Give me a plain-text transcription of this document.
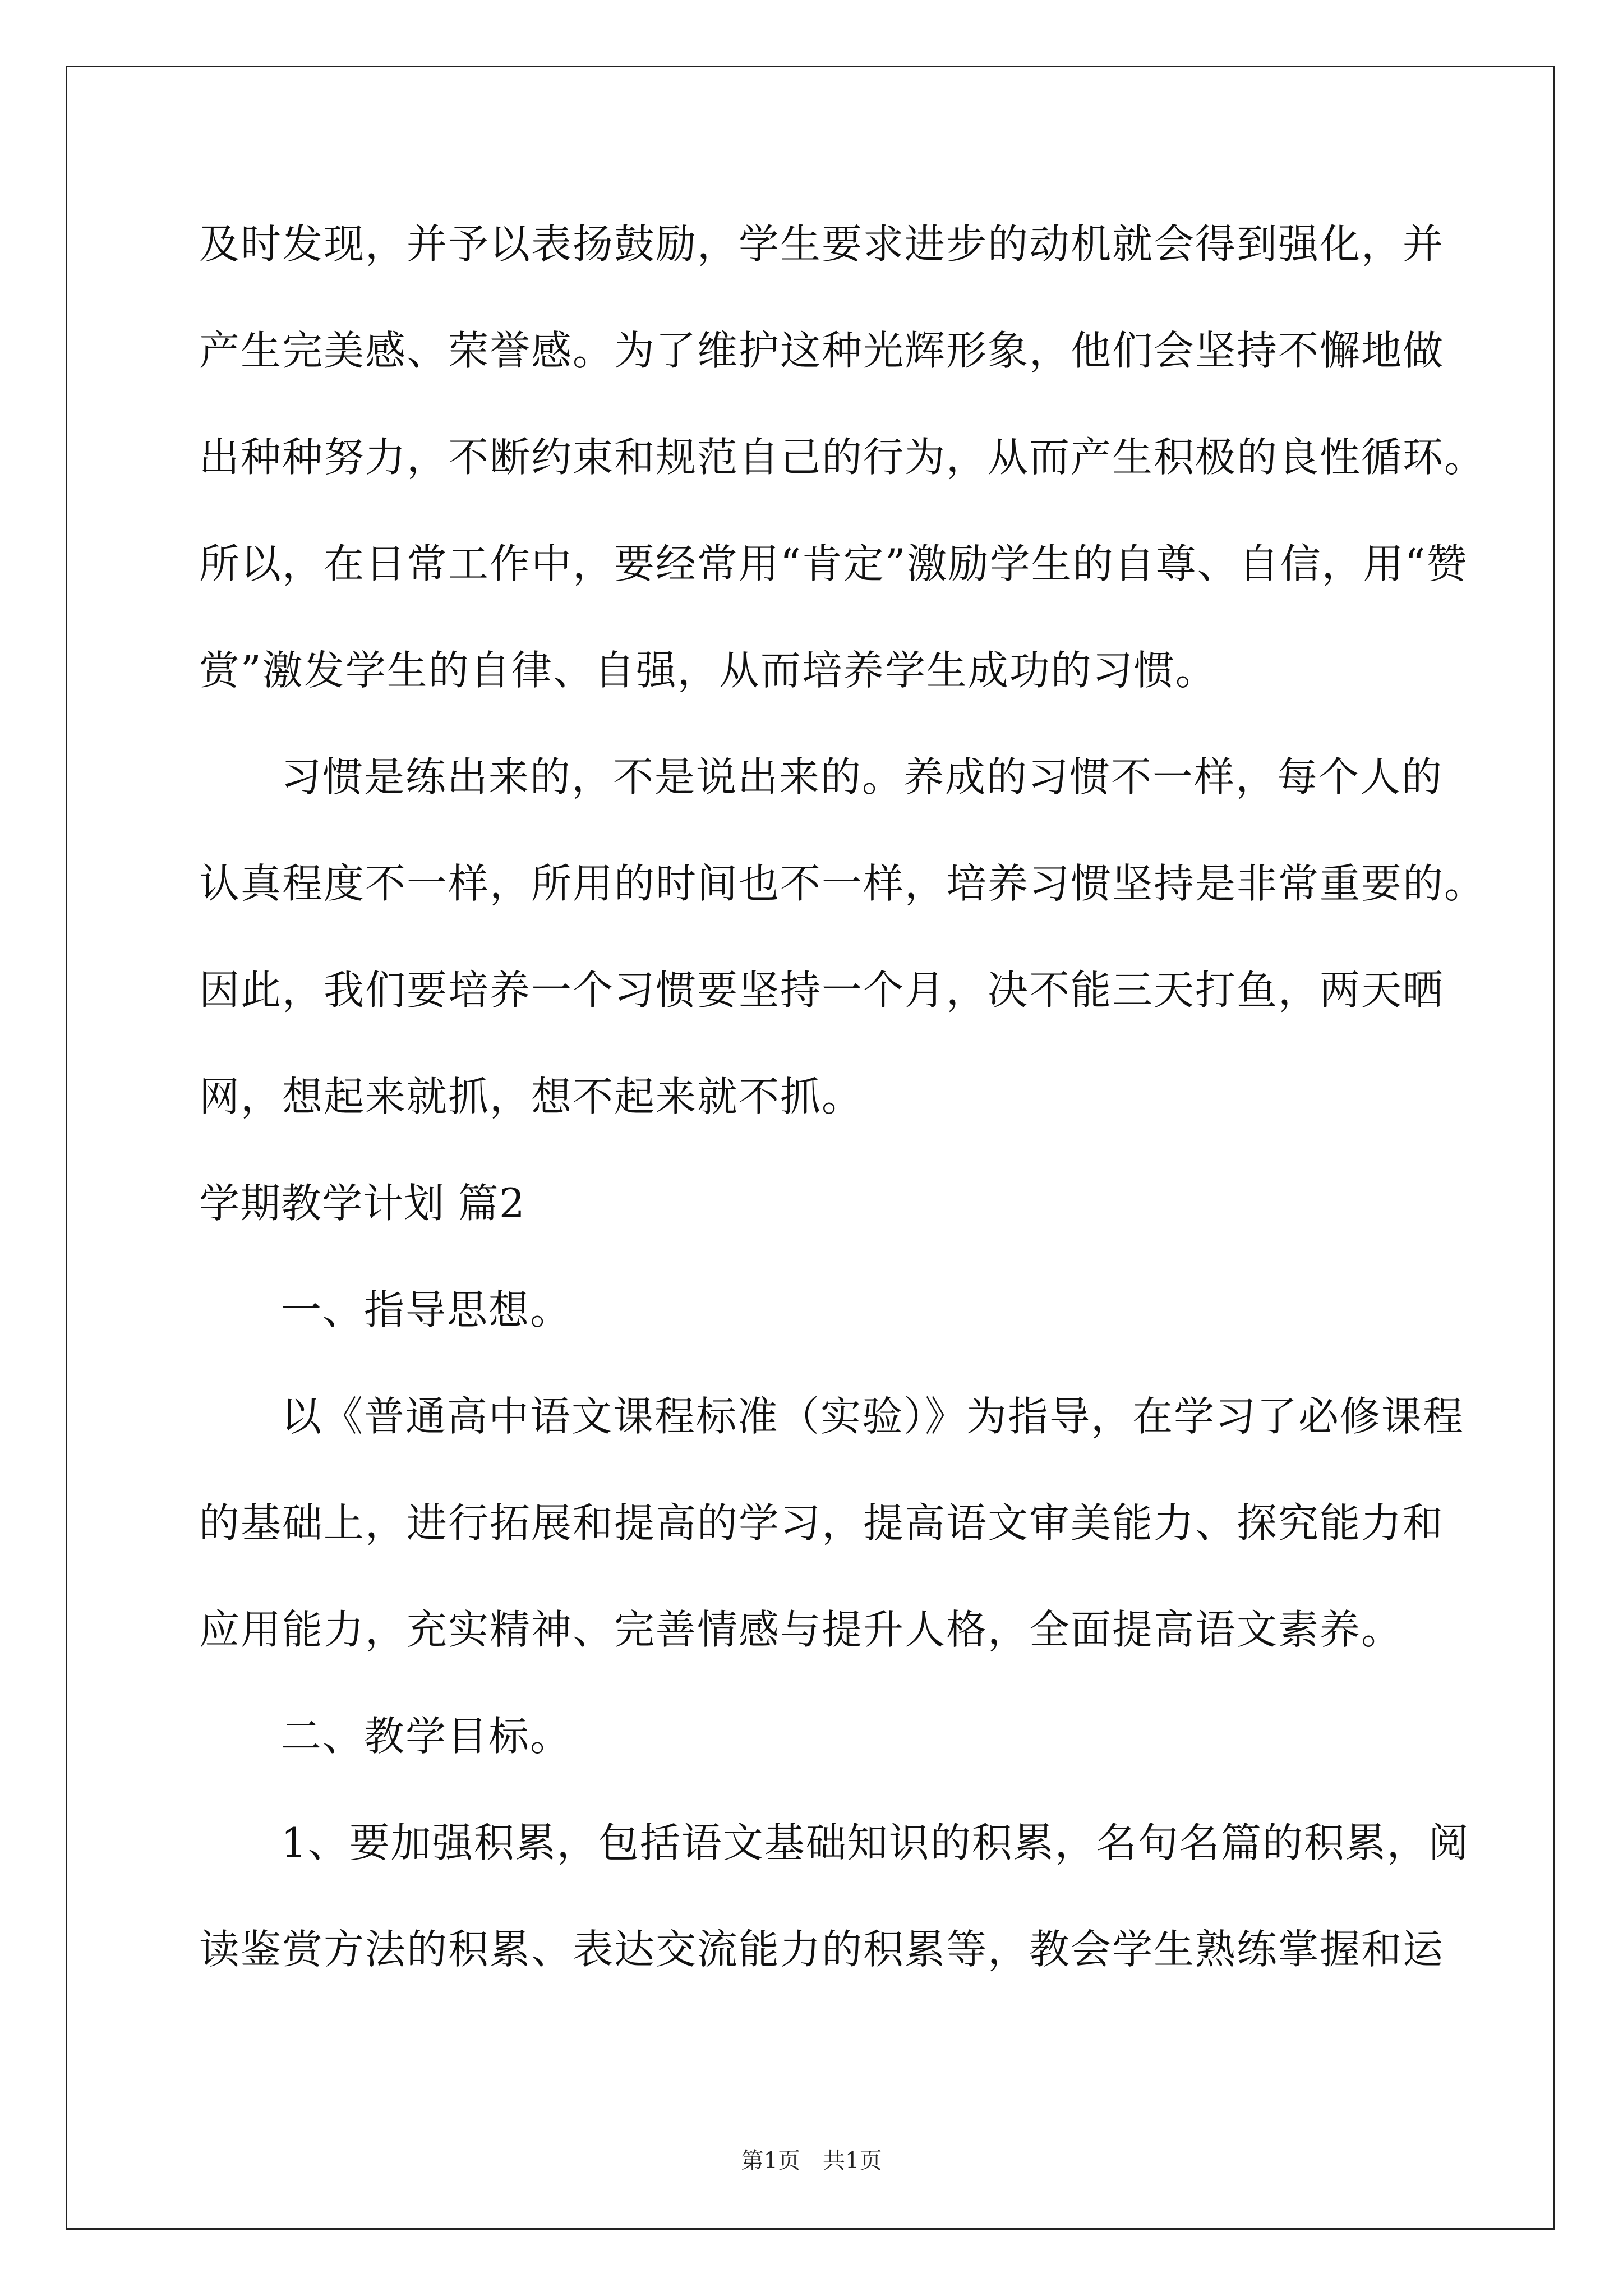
及时发现，并予以表扬鼓励，学生要求进步的动机就会得到强化，并
产生完美感、荣誉感。为了维护这种光辉形象，他们会坚持不懈地做
出种种努力，不断约束和规范自己的行为，从而产生积极的良性循环。
所以，在日常工作中，要经常用“肯定”激励学生的自尊、自信，用“赞
赏”激发学生的自律、自强，从而培养学生成功的习惯。
习惯是练出来的，不是说出来的。养成的习惯不一样，每个人的
认真程度不一样，所用的时间也不一样，培养习惯坚持是非常重要的。
因此，我们要培养一个习惯要坚持一个月，决不能三天打鱼，两天晒
网，想起来就抓，想不起来就不抓。
学期教学计划 篇2
一、指导思想。
以《普通高中语文课程标准（实验）》为指导，在学习了必修课程
的基础上，进行拓展和提高的学习，提高语文审美能力、探究能力和
应用能力，充实精神、完善情感与提升人格，全面提高语文素养。
二、教学目标。
1、要加强积累，包括语文基础知识的积累，名句名篇的积累，阅
读鉴赏方法的积累、表达交流能力的积累等，教会学生熟练掌握和运
第1页　共1页
